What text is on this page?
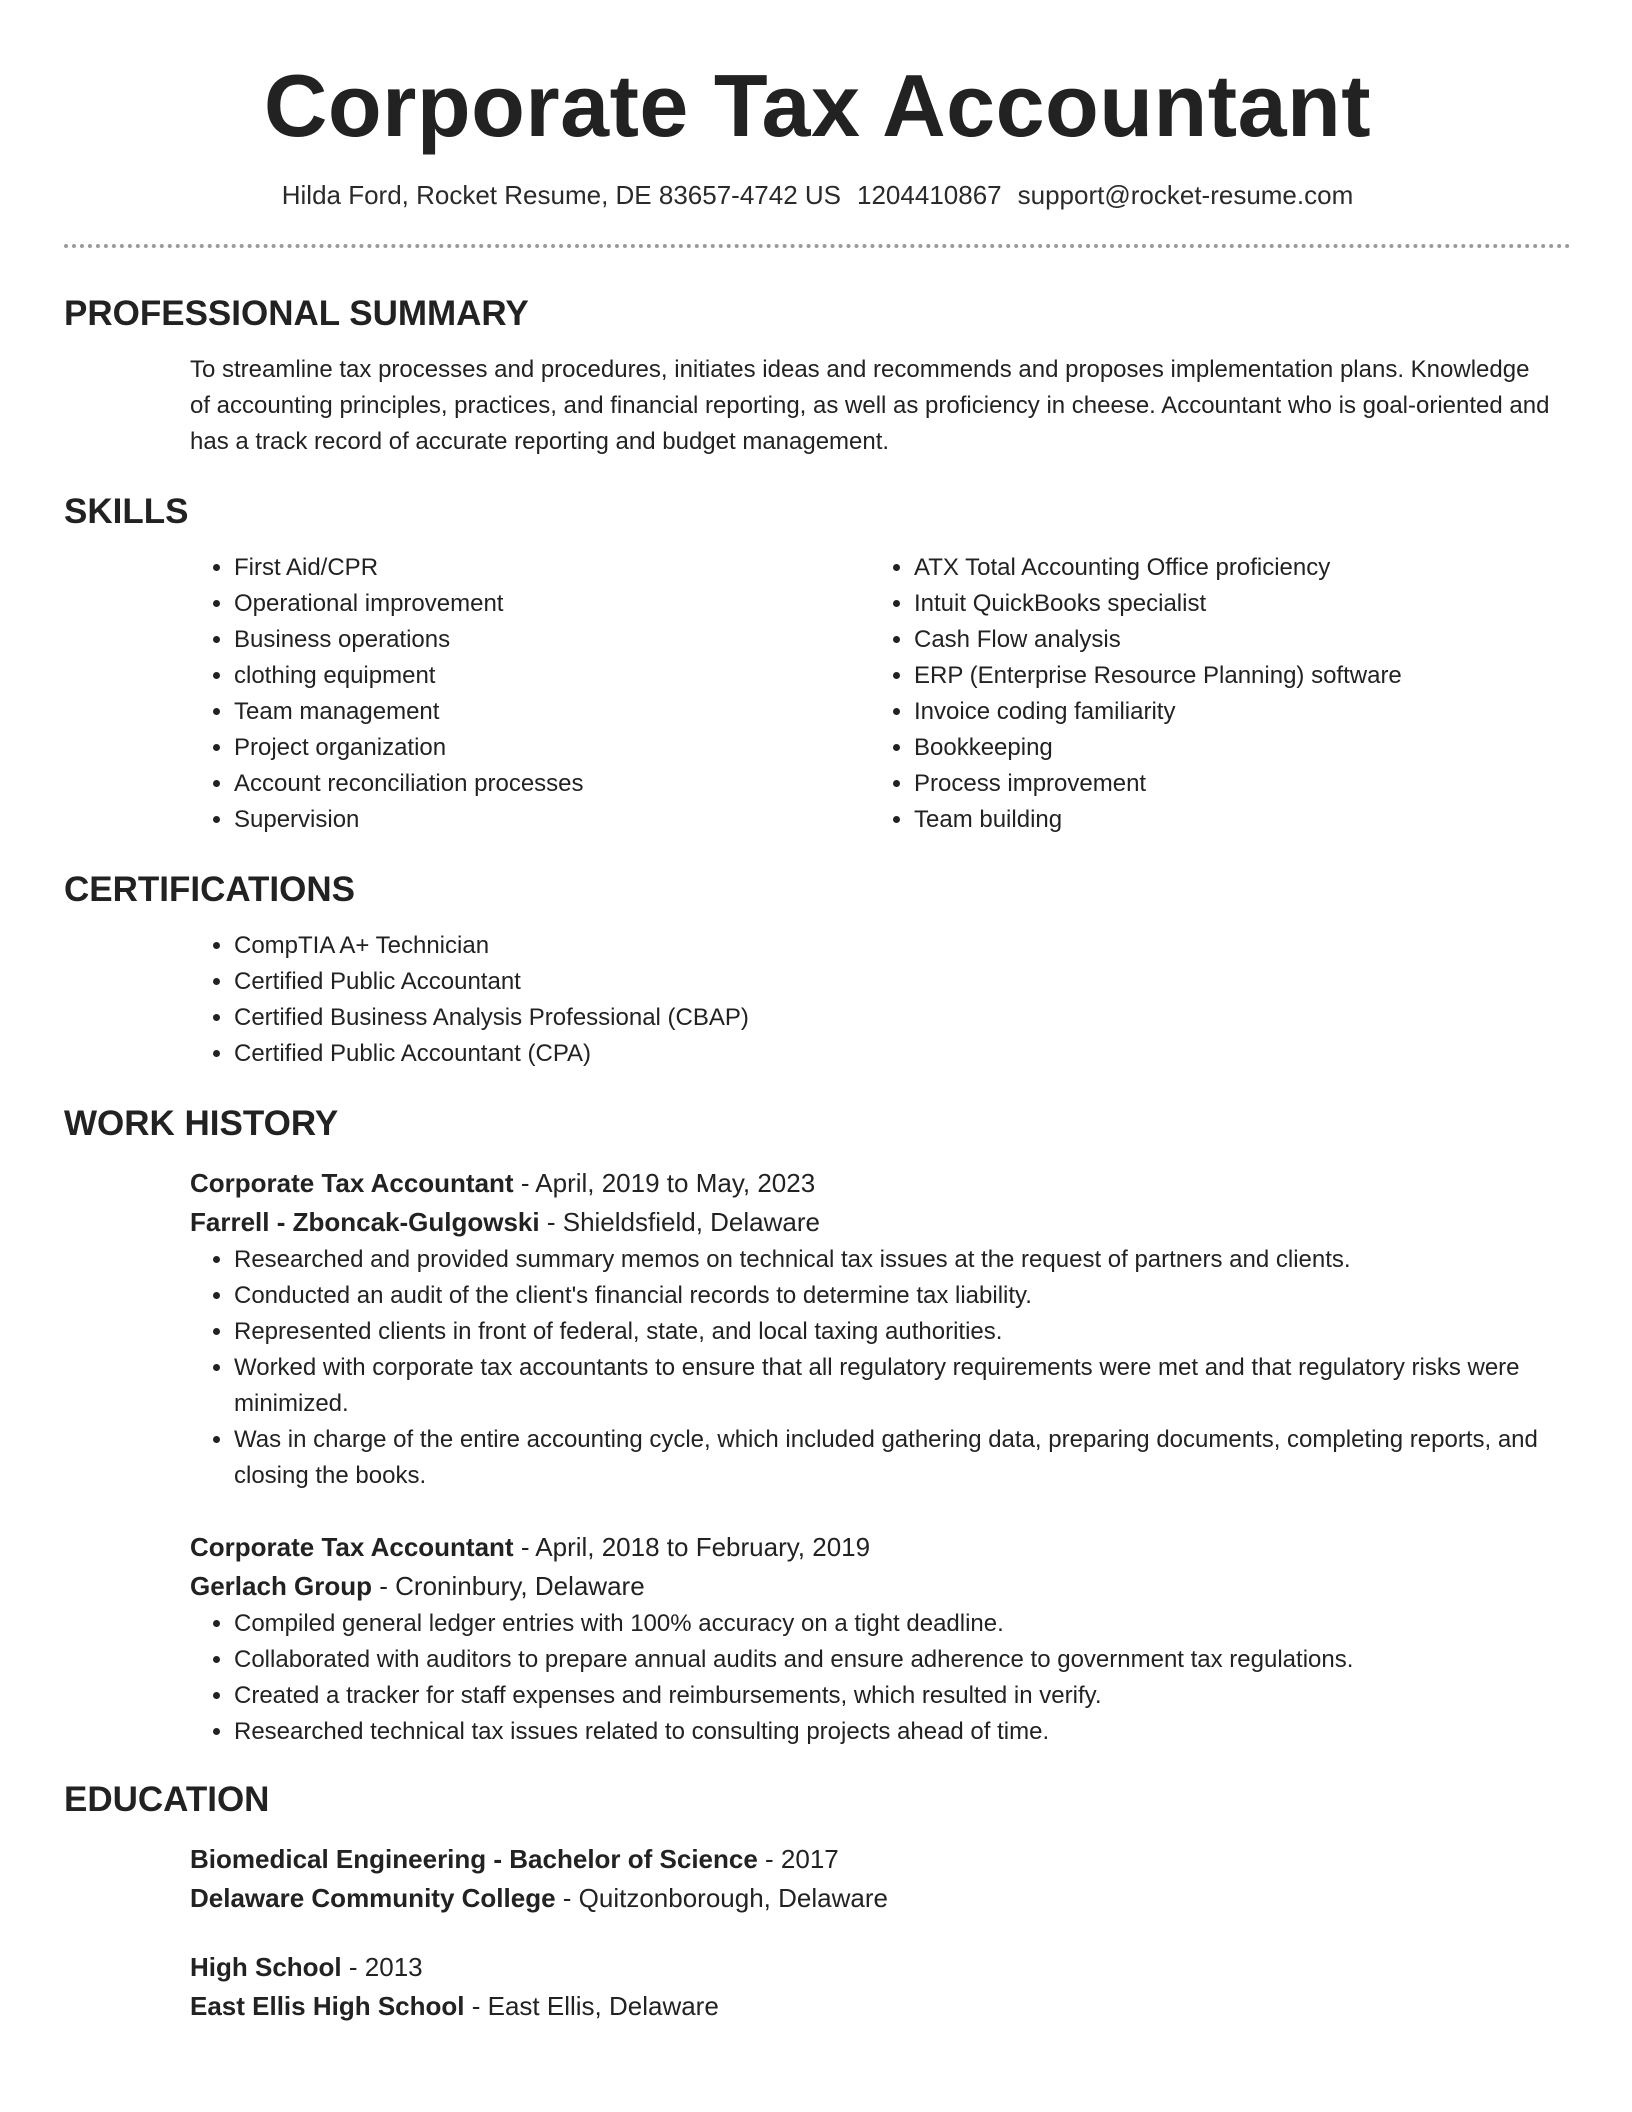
Corporate Tax Accountant
Hilda Ford, Rocket Resume, DE 83657-4742 US 1204410867 support@rocket-resume.com
PROFESSIONAL SUMMARY
To streamline tax processes and procedures, initiates ideas and recommends and proposes implementation plans. Knowledge of accounting principles, practices, and financial reporting, as well as proficiency in cheese. Accountant who is goal-oriented and has a track record of accurate reporting and budget management.
SKILLS
• First Aid/CPR
• Operational improvement
• Business operations
• clothing equipment
• Team management
• Project organization
• Account reconciliation processes
• Supervision
• ATX Total Accounting Office proficiency
• Intuit QuickBooks specialist
• Cash Flow analysis
• ERP (Enterprise Resource Planning) software
• Invoice coding familiarity
• Bookkeeping
• Process improvement
• Team building
CERTIFICATIONS
• CompTIA A+ Technician
• Certified Public Accountant
• Certified Business Analysis Professional (CBAP)
• Certified Public Accountant (CPA)
WORK HISTORY
Corporate Tax Accountant - April, 2019 to May, 2023
Farrell - Zboncak-Gulgowski - Shieldsfield, Delaware
• Researched and provided summary memos on technical tax issues at the request of partners and clients.
• Conducted an audit of the client's financial records to determine tax liability.
• Represented clients in front of federal, state, and local taxing authorities.
• Worked with corporate tax accountants to ensure that all regulatory requirements were met and that regulatory risks were minimized.
• Was in charge of the entire accounting cycle, which included gathering data, preparing documents, completing reports, and closing the books.
Corporate Tax Accountant - April, 2018 to February, 2019
Gerlach Group - Croninbury, Delaware
• Compiled general ledger entries with 100% accuracy on a tight deadline.
• Collaborated with auditors to prepare annual audits and ensure adherence to government tax regulations.
• Created a tracker for staff expenses and reimbursements, which resulted in verify.
• Researched technical tax issues related to consulting projects ahead of time.
EDUCATION
Biomedical Engineering - Bachelor of Science - 2017
Delaware Community College - Quitzonborough, Delaware
High School - 2013
East Ellis High School - East Ellis, Delaware
